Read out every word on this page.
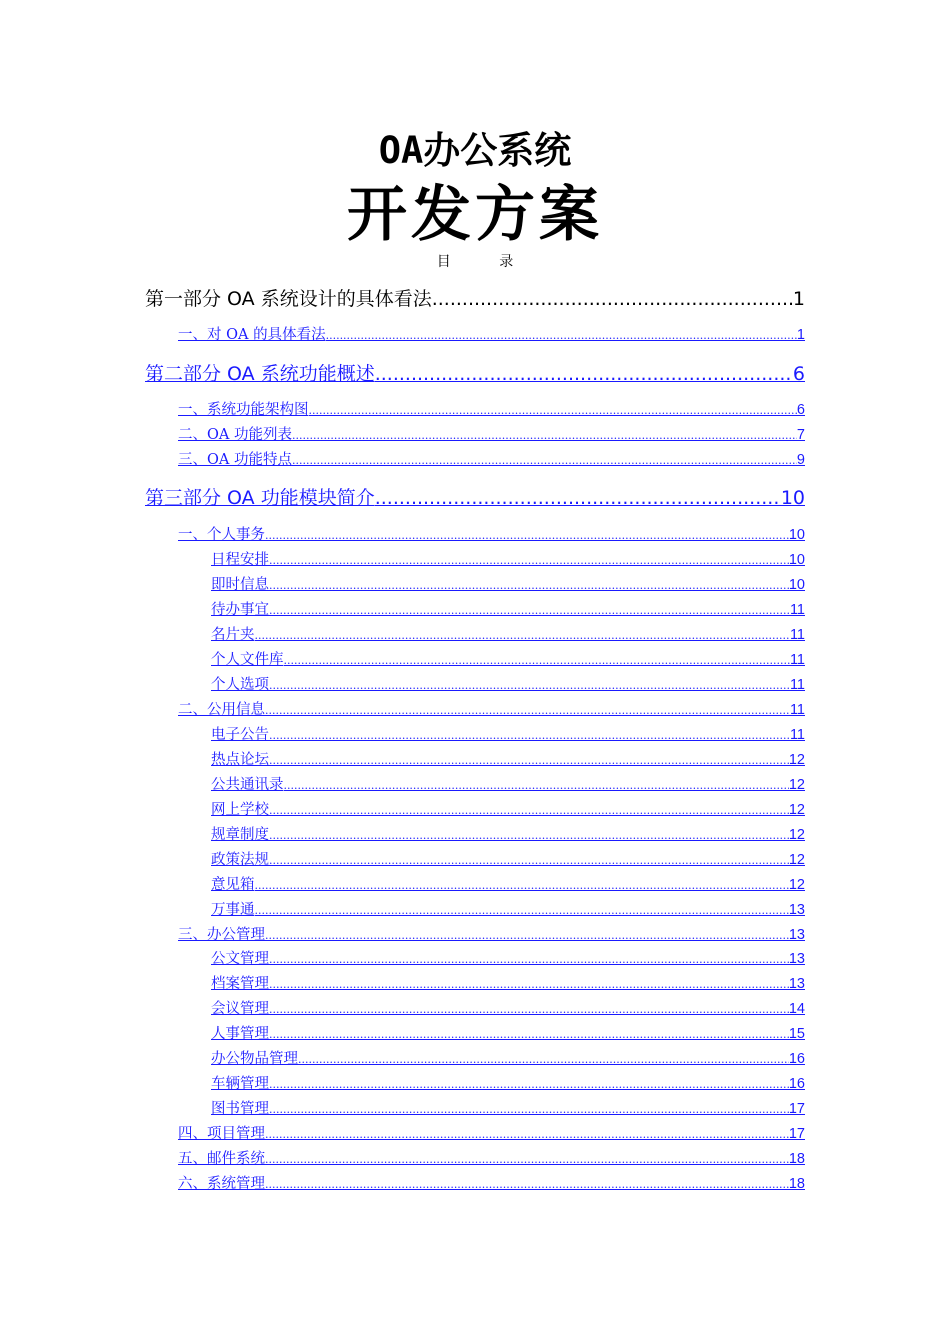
OA办公系统
开发方案
目 录
第一部分 OA 系统设计的具体看法 .....	1
一、对 OA 的具体看法 .....	1
第二部分 OA 系统功能概述 .....	6
一、系统功能架构图 .....	6
二、OA 功能列表 .....	7
三、OA 功能特点 .....	9
第三部分 OA 功能模块简介 .....	10
一、个人事务 .....	10
日程安排 .....	10
即时信息 .....	10
待办事宜 .....	11
名片夹 .....	11
个人文件库 .....	11
个人选项 .....	11
二、公用信息 .....	11
电子公告 .....	11
热点论坛 .....	12
公共通讯录 .....	12
网上学校 .....	12
规章制度 .....	12
政策法规 .....	12
意见箱 .....	12
万事通 .....	13
三、办公管理 .....	13
公文管理 .....	13
档案管理 .....	13
会议管理 .....	14
人事管理 .....	15
办公物品管理 .....	16
车辆管理 .....	16
图书管理 .....	17
四、项目管理 .....	17
五、邮件系统 .....	18
六、系统管理 .....	18
